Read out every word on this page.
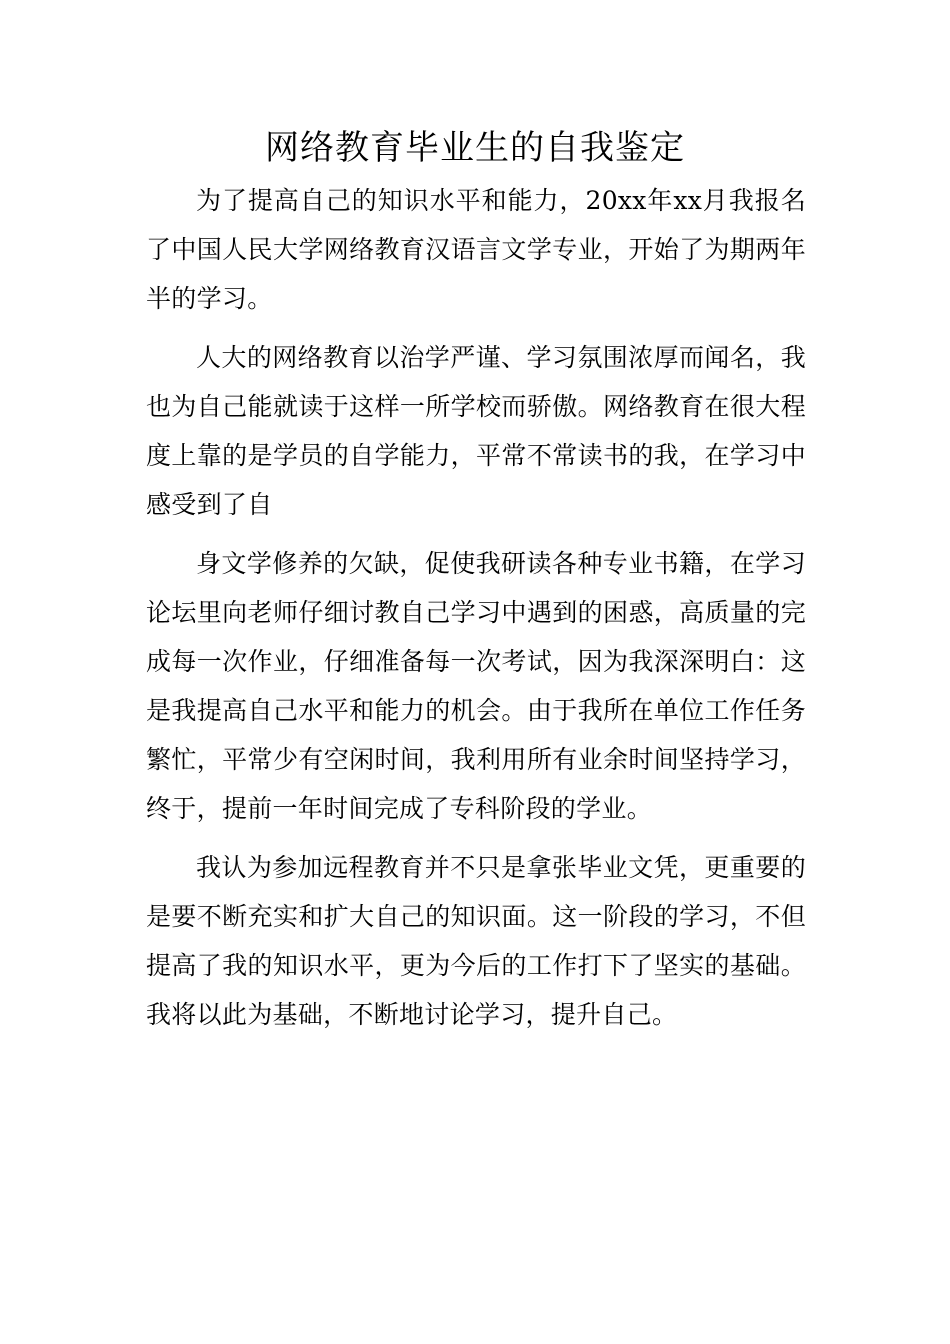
网络教育毕业生的自我鉴定

为了提高自己的知识水平和能力，20xx年xx月我报名了中国人民大学网络教育汉语言文学专业，开始了为期两年半的学习。

人大的网络教育以治学严谨、学习氛围浓厚而闻名，我也为自己能就读于这样一所学校而骄傲。网络教育在很大程度上靠的是学员的自学能力，平常不常读书的我，在学习中感受到了自

身文学修养的欠缺，促使我研读各种专业书籍，在学习论坛里向老师仔细讨教自己学习中遇到的困惑，高质量的完成每一次作业，仔细准备每一次考试，因为我深深明白：这是我提高自己水平和能力的机会。由于我所在单位工作任务繁忙，平常少有空闲时间，我利用所有业余时间坚持学习，终于，提前一年时间完成了专科阶段的学业。

我认为参加远程教育并不只是拿张毕业文凭，更重要的是要不断充实和扩大自己的知识面。这一阶段的学习，不但提高了我的知识水平，更为今后的工作打下了坚实的基础。我将以此为基础，不断地讨论学习，提升自己。
